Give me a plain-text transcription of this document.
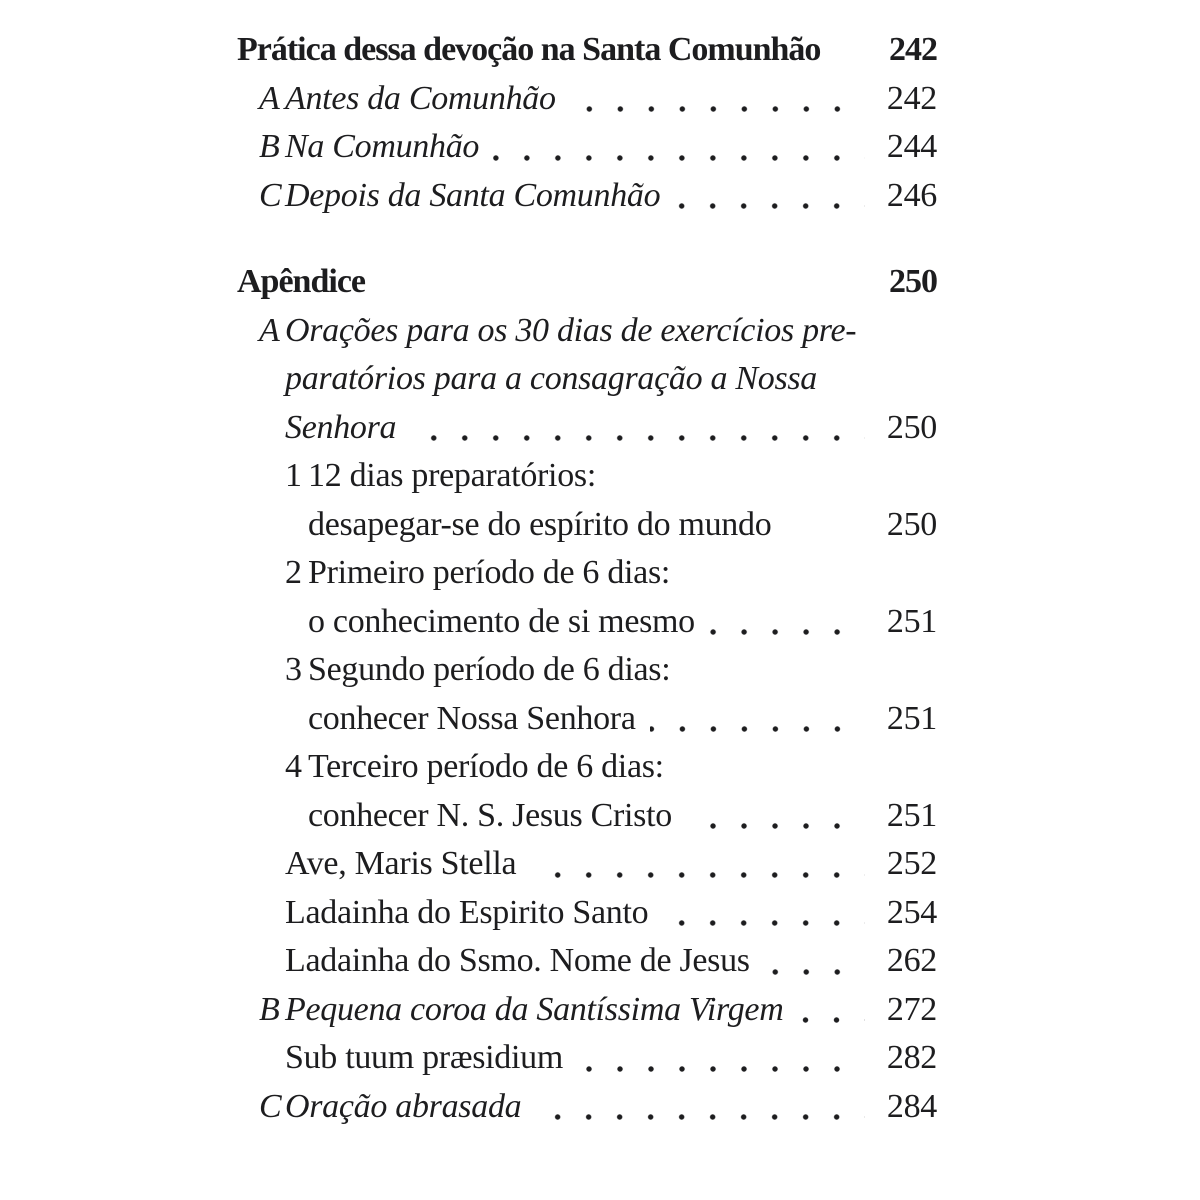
Prática dessa devoção na Santa Comunhão 242
A Antes da Comunhão	242
B Na Comunhão	244
C Depois da Santa Comunhão	246
Apêndice	250
A Orações para os 30 dias de exercícios pre-
paratórios para a consagração a Nossa
Senhora	250
1 12 dias preparatórios:
desapegar-se do espírito do mundo	250
2 Primeiro período de 6 dias:
o conhecimento de si mesmo	251
3 Segundo período de 6 dias:
conhecer Nossa Senhora	251
4 Terceiro período de 6 dias:
conhecer N. S. Jesus Cristo	251
Ave, Maris Stella	252
Ladainha do Espirito Santo	254
Ladainha do Ssmo. Nome de Jesus	262
B Pequena coroa da Santíssima Virgem	272
Sub tuum præsidium	282
C Oração abrasada	284
